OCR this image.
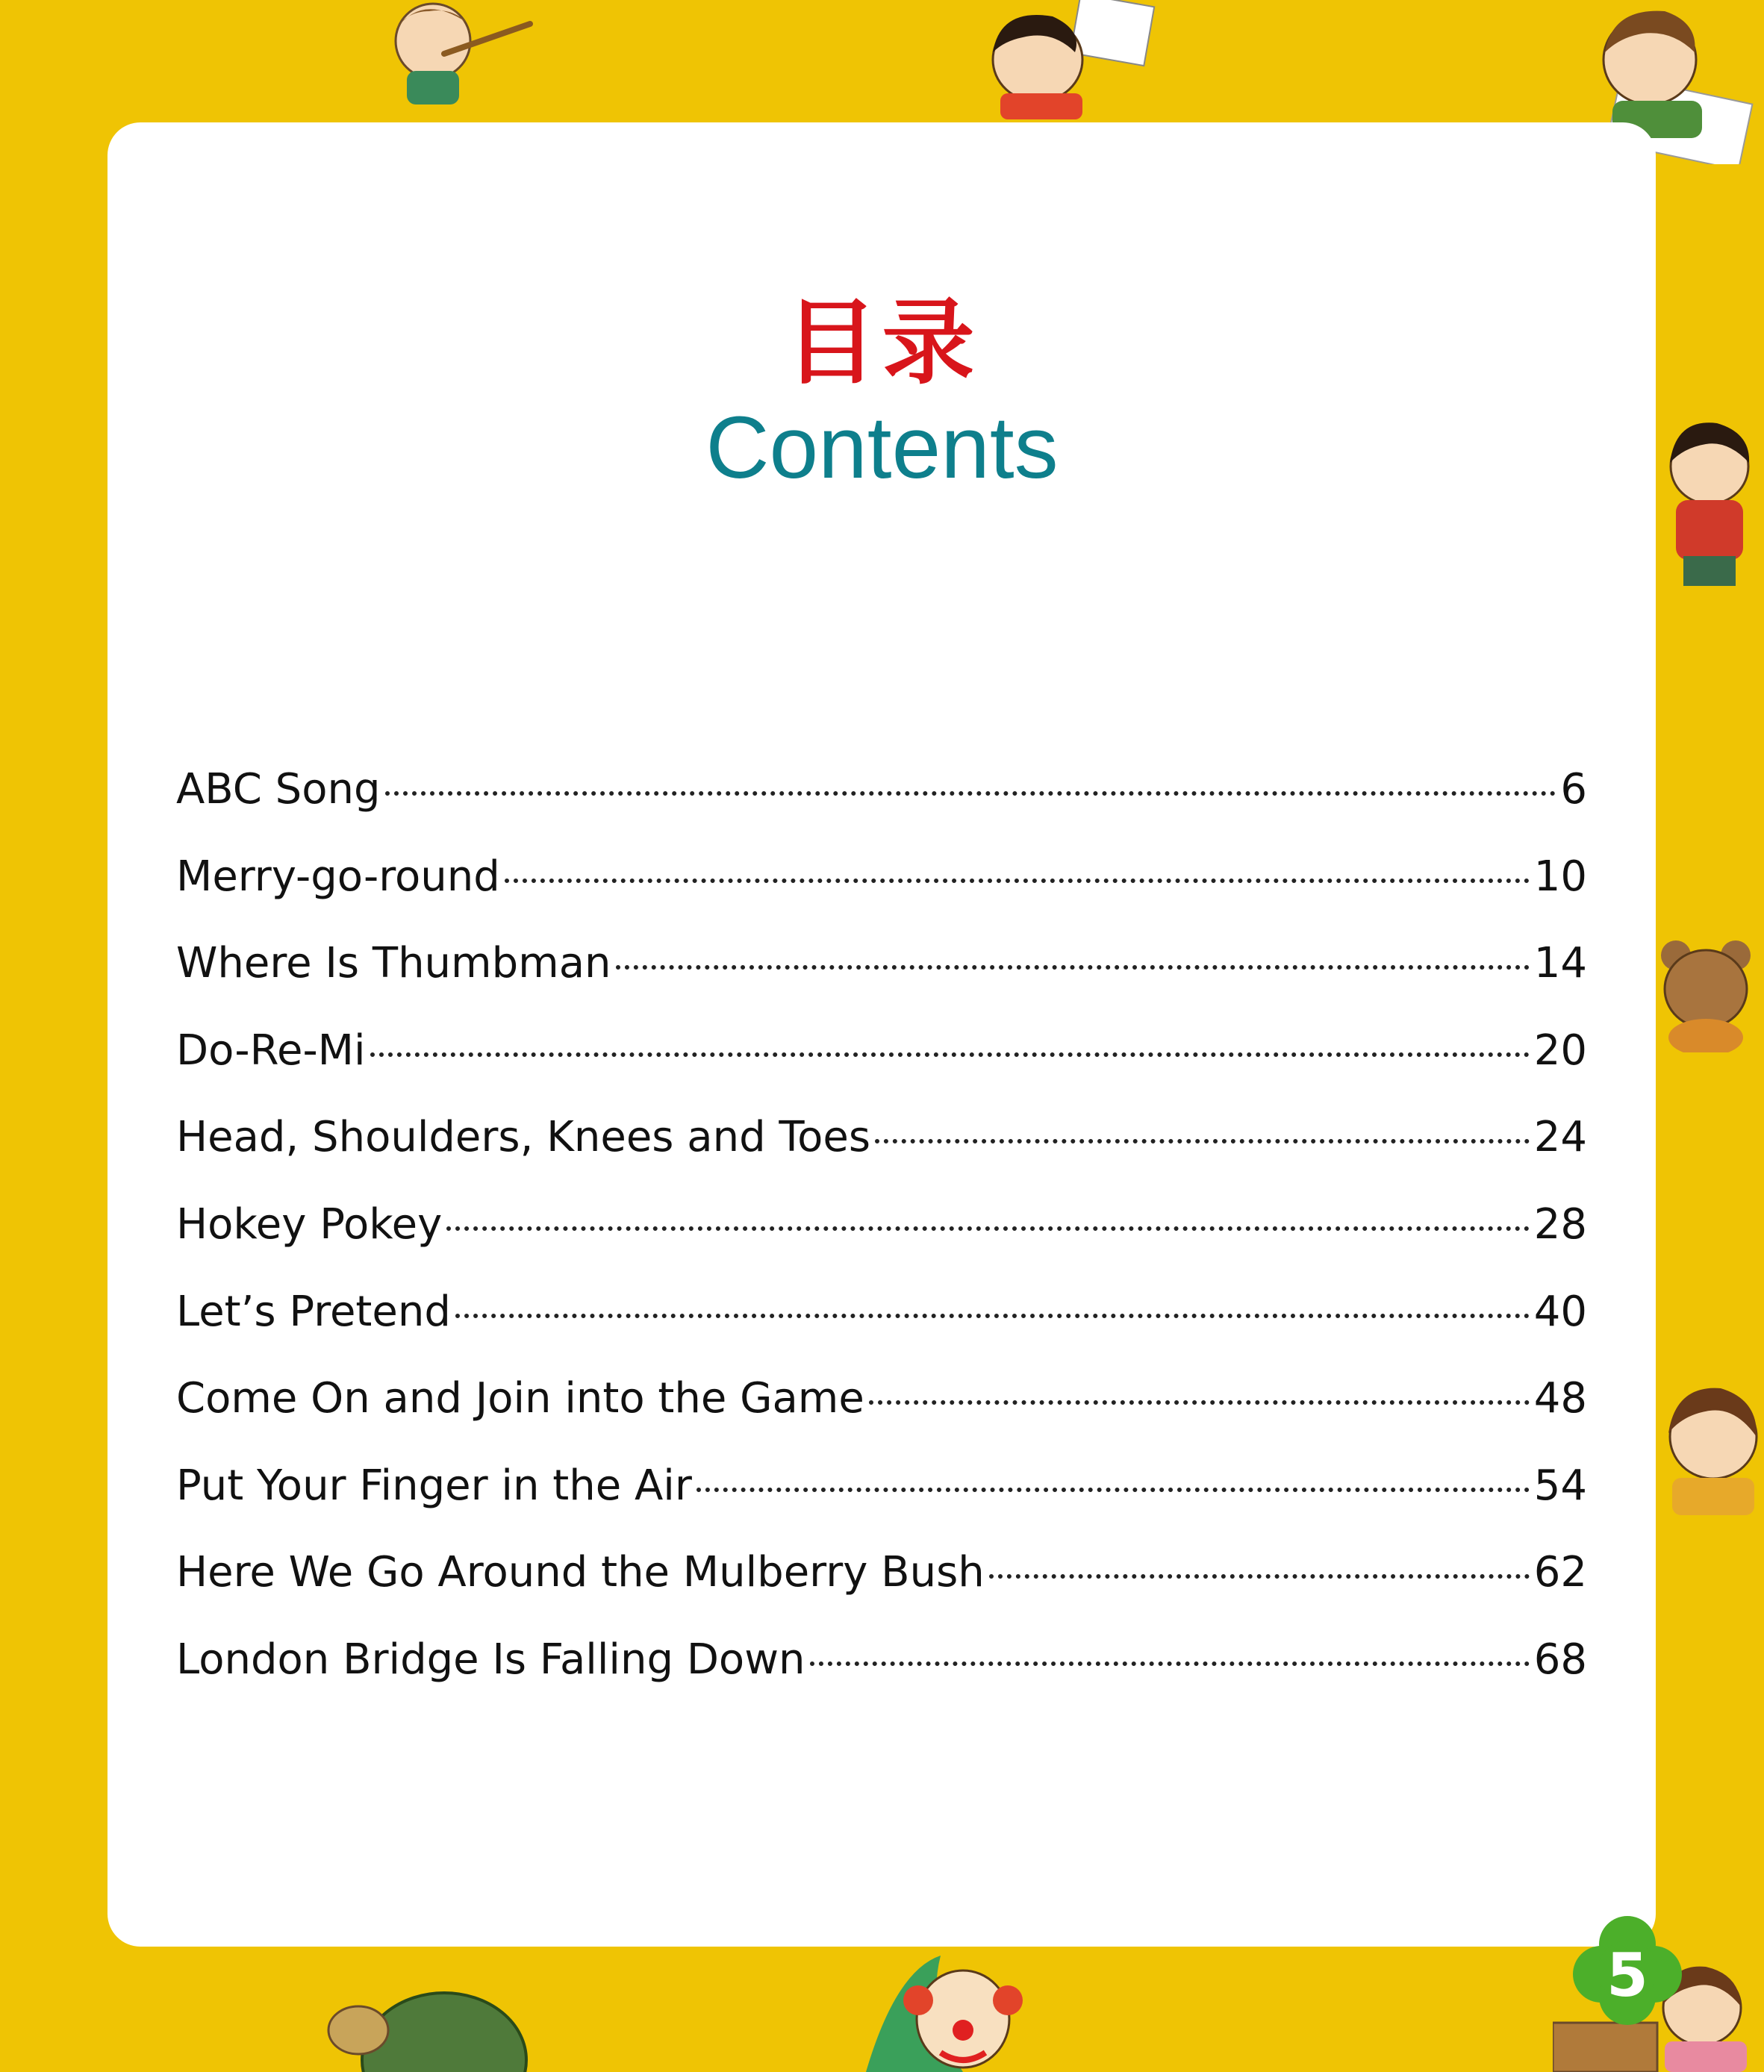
目录
Contents
ABC Song	6
Merry-go-round	10
Where Is Thumbman	14
Do-Re-Mi	20
Head, Shoulders, Knees and Toes	24
Hokey Pokey	28
Let’s Pretend	40
Come On and Join into the Game	48
Put Your Finger in the Air	54
Here We Go Around the Mulberry Bush	62
London Bridge Is Falling Down	68
5
